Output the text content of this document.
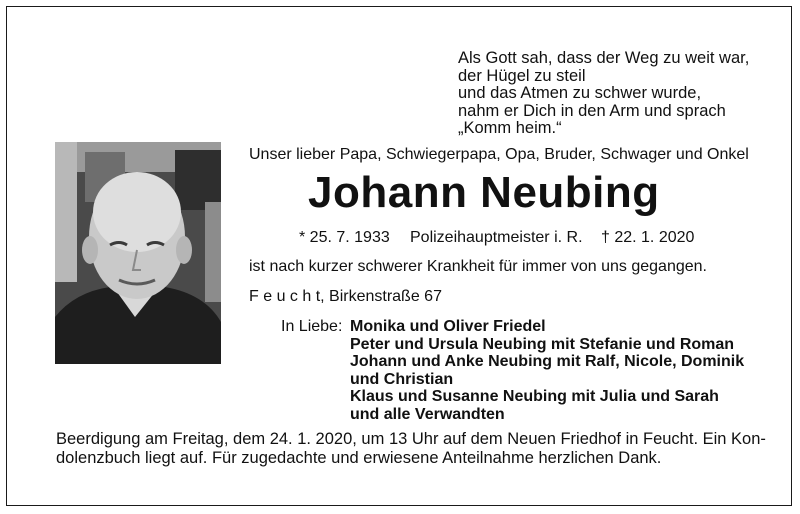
Als Gott sah, dass der Weg zu weit war,
der Hügel zu steil
und das Atmen zu schwer wurde,
nahm er Dich in den Arm und sprach
„Komm heim.“
Unser lieber Papa, Schwiegerpapa, Opa, Bruder, Schwager und Onkel
Johann Neubing
* 25. 7. 1933 Polizeihauptmeister i. R. † 22. 1. 2020
ist nach kurzer schwerer Krankheit für immer von uns gegangen.
F e u c h t, Birkenstraße 67
In Liebe: Monika und Oliver Friedel
Peter und Ursula Neubing mit Stefanie und Roman
Johann und Anke Neubing mit Ralf, Nicole, Dominik
und Christian
Klaus und Susanne Neubing mit Julia und Sarah
und alle Verwandten
Beerdigung am Freitag, dem 24. 1. 2020, um 13 Uhr auf dem Neuen Friedhof in Feucht. Ein Kon-
dolenzbuch liegt auf. Für zugedachte und erwiesene Anteilnahme herzlichen Dank.
